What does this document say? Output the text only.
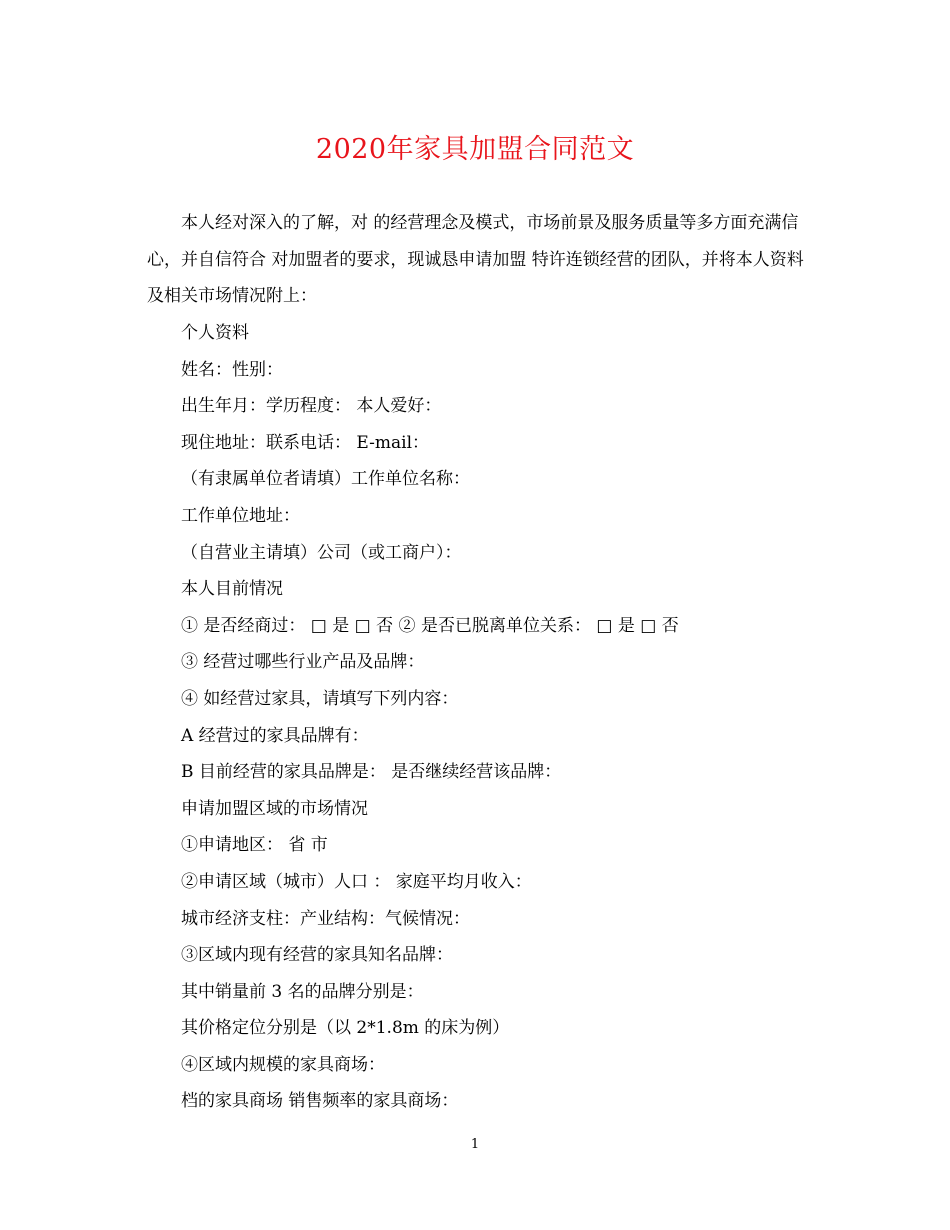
2020年家具加盟合同范文

本人经对深入的了解，对 的经营理念及模式，市场前景及服务质量等多方面充满信心，并自信符合 对加盟者的要求，现诚恳申请加盟 特许连锁经营的团队，并将本人资料及相关市场情况附上：

个人资料
姓名：性别：
出生年月：学历程度： 本人爱好：
现住地址：联系电话： E-mail：
（有隶属单位者请填）工作单位名称：
工作单位地址：
（自营业主请填）公司（或工商户）：
本人目前情况
① 是否经商过： □ 是 □ 否 ② 是否已脱离单位关系： □ 是 □ 否
③ 经营过哪些行业产品及品牌：
④ 如经营过家具，请填写下列内容：
A 经营过的家具品牌有：
B 目前经营的家具品牌是： 是否继续经营该品牌：
申请加盟区域的市场情况
①申请地区： 省 市
②申请区域（城市）人口 ： 家庭平均月收入：
城市经济支柱：产业结构：气候情况：
③区域内现有经营的家具知名品牌：
其中销量前 3 名的品牌分别是：
其价格定位分别是（以 2*1.8m 的床为例）
④区域内规模的家具商场：
档的家具商场 销售频率的家具商场：
1
